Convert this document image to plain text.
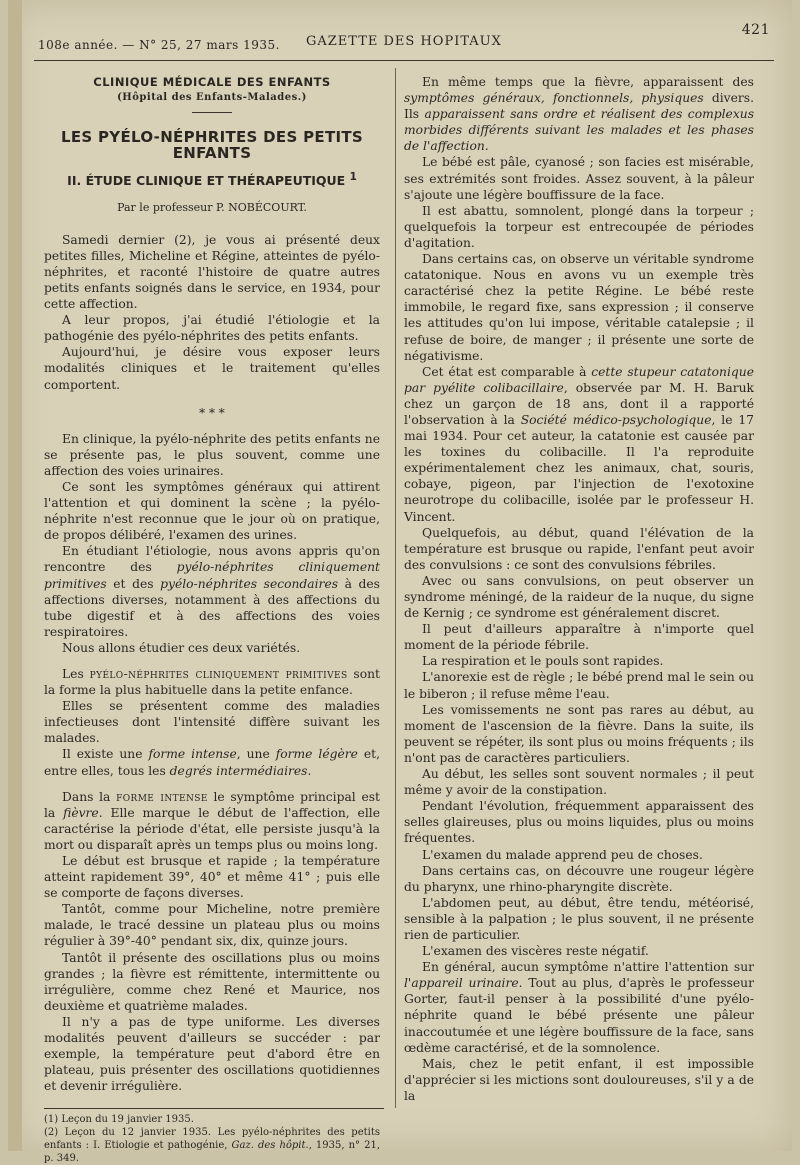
108e année. — N° 25, 27 mars 1935. GAZETTE DES HOPITAUX
421
CLINIQUE MÉDICALE DES ENFANTS
(Hôpital des Enfants-Malades.)
LES PYÉLO-NÉPHRITES DES PETITS ENFANTS
II. ÉTUDE CLINIQUE ET THÉRAPEUTIQUE $^1$
Par le professeur P. NOBÉCOURT.

Samedi dernier (2), je vous ai présenté deux petites filles, Micheline et Régine, atteintes de pyélo-néphrites, et raconté l'histoire de quatre autres petits enfants soignés dans le service, en 1934, pour cette affection.

A leur propos, j'ai étudié l'étiologie et la pathogénie des pyélo-néphrites des petits enfants.

Aujourd'hui, je désire vous exposer leurs modalités cliniques et le traitement qu'elles comportent.

* * *

En clinique, la pyélo-néphrite des petits enfants ne se présente pas, le plus souvent, comme une affection des voies urinaires.

Ce sont les symptômes généraux qui attirent l'attention et qui dominent la scène ; la pyélo-néphrite n'est reconnue que le jour où on pratique, de propos délibéré, l'examen des urines.

En étudiant l'étiologie, nous avons appris qu'on rencontre des pyélo-néphrites cliniquement primitives et des pyélo-néphrites secondaires à des affections diverses, notamment à des affections du tube digestif et à des affections des voies respiratoires.

Nous allons étudier ces deux variétés.

Les pyélo-néphrites cliniquement primitives sont la forme la plus habituelle dans la petite enfance.

Elles se présentent comme des maladies infectieuses dont l'intensité diffère suivant les malades.

Il existe une forme intense, une forme légère et, entre elles, tous les degrés intermédiaires.

Dans la forme intense le symptôme principal est la fièvre. Elle marque le début de l'affection, elle caractérise la période d'état, elle persiste jusqu'à la mort ou disparaît après un temps plus ou moins long.

Le début est brusque et rapide ; la température atteint rapidement 39°, 40° et même 41° ; puis elle se comporte de façons diverses.

Tantôt, comme pour Micheline, notre première malade, le tracé dessine un plateau plus ou moins régulier à 39°-40° pendant six, dix, quinze jours.

Tantôt il présente des oscillations plus ou moins grandes ; la fièvre est rémittente, intermittente ou irrégulière, comme chez René et Maurice, nos deuxième et quatrième malades.

Il n'y a pas de type uniforme. Les diverses modalités peuvent d'ailleurs se succéder : par exemple, la température peut d'abord être en plateau, puis présenter des oscillations quotidiennes et devenir irrégulière.

(1) Leçon du 19 janvier 1935.

(2) Leçon du 12 janvier 1935. Les pyélo-néphrites des petits enfants : I. Etiologie et pathogénie, Gaz. des hôpit., 1935, n° 21, p. 349.

En même temps que la fièvre, apparaissent des symptômes généraux, fonctionnels, physiques divers. Ils apparaissent sans ordre et réalisent des complexus morbides différents suivant les malades et les phases de l'affection.

Le bébé est pâle, cyanosé ; son facies est misérable, ses extrémités sont froides. Assez souvent, à la pâleur s'ajoute une légère bouffissure de la face.

Il est abattu, somnolent, plongé dans la torpeur ; quelquefois la torpeur est entrecoupée de périodes d'agitation.

Dans certains cas, on observe un véritable syndrome catatonique. Nous en avons vu un exemple très caractérisé chez la petite Régine. Le bébé reste immobile, le regard fixe, sans expression ; il conserve les attitudes qu'on lui impose, véritable catalepsie ; il refuse de boire, de manger ; il présente une sorte de négativisme.

Cet état est comparable à cette stupeur catatonique par pyélite colibacillaire, observée par M. H. Baruk chez un garçon de 18 ans, dont il a rapporté l'observation à la Société médico-psychologique, le 17 mai 1934. Pour cet auteur, la catatonie est causée par les toxines du colibacille. Il l'a reproduite expérimentalement chez les animaux, chat, souris, cobaye, pigeon, par l'injection de l'exotoxine neurotrope du colibacille, isolée par le professeur H. Vincent.

Quelquefois, au début, quand l'élévation de la température est brusque ou rapide, l'enfant peut avoir des convulsions : ce sont des convulsions fébriles.

Avec ou sans convulsions, on peut observer un syndrome méningé, de la raideur de la nuque, du signe de Kernig ; ce syndrome est généralement discret.

Il peut d'ailleurs apparaître à n'importe quel moment de la période fébrile.

La respiration et le pouls sont rapides.

L'anorexie est de règle ; le bébé prend mal le sein ou le biberon ; il refuse même l'eau.

Les vomissements ne sont pas rares au début, au moment de l'ascension de la fièvre. Dans la suite, ils peuvent se répéter, ils sont plus ou moins fréquents ; ils n'ont pas de caractères particuliers.

Au début, les selles sont souvent normales ; il peut même y avoir de la constipation.

Pendant l'évolution, fréquemment apparaissent des selles glaireuses, plus ou moins liquides, plus ou moins fréquentes.

L'examen du malade apprend peu de choses.

Dans certains cas, on découvre une rougeur légère du pharynx, une rhino-pharyngite discrète.

L'abdomen peut, au début, être tendu, météorisé, sensible à la palpation ; le plus souvent, il ne présente rien de particulier.

L'examen des viscères reste négatif.

En général, aucun symptôme n'attire l'attention sur l'appareil urinaire. Tout au plus, d'après le professeur Gorter, faut-il penser à la possibilité d'une pyélo-néphrite quand le bébé présente une pâleur inaccoutumée et une légère bouffissure de la face, sans œdème caractérisé, et de la somnolence.

Mais, chez le petit enfant, il est impossible d'apprécier si les mictions sont douloureuses, s'il y a de la
